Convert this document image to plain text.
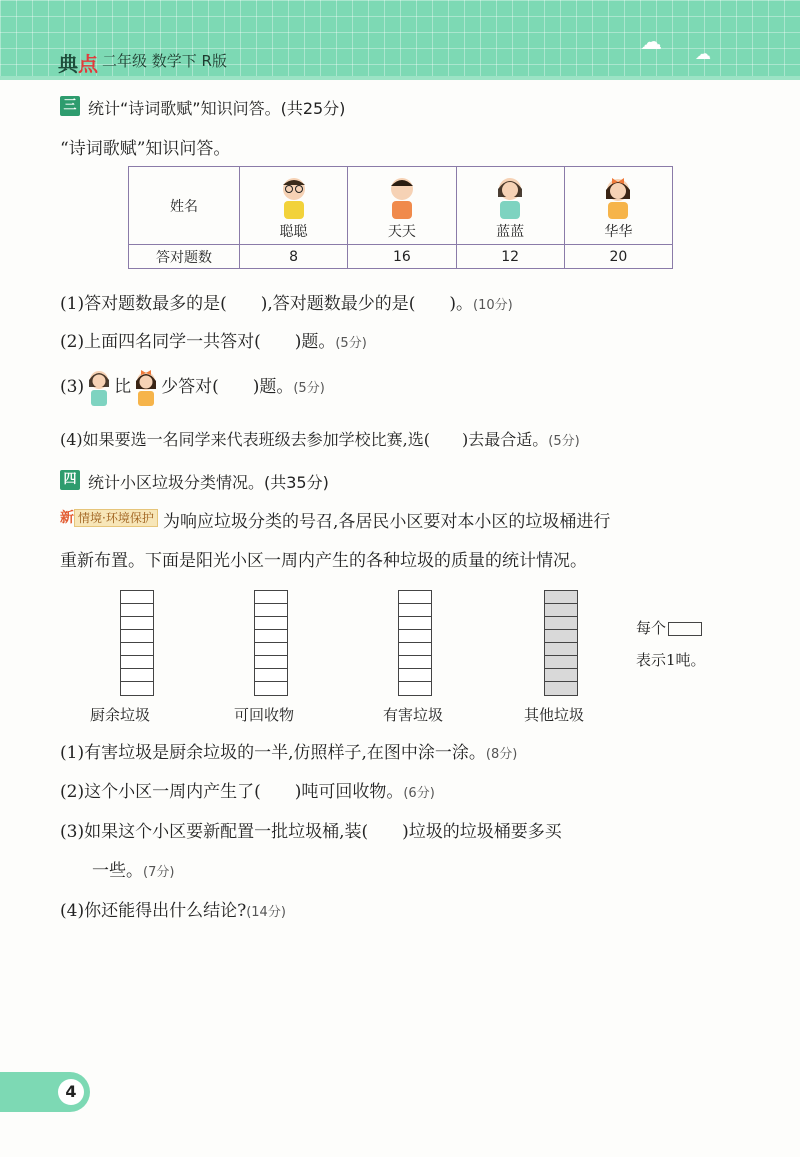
典点 二年级 数学下 R版
☁ ☁
三 统计“诗词歌赋”知识问答。(共25分)
“诗词歌赋”知识问答。
姓名	聪聪	天天	蓝蓝	华华

答对题数	8	16	12	20
(1)答对题数最多的是(　　),答对题数最少的是(　　)。(10分)
(2)上面四名同学一共答对(　　)题。(5分)
(3) 比 少答对(　　)题。(5分)
(4)如果要选一名同学来代表班级去参加学校比赛,选(　　)去最合适。(5分)
四 统计小区垃圾分类情况。(共35分)
新 情境·环境保护 为响应垃圾分类的号召,各居民小区要对本小区的垃圾桶进行
重新布置。下面是阳光小区一周内产生的各种垃圾的质量的统计情况。
厨余垃圾	可回收物	有害垃圾	其他垃圾
每个
表示1吨。
(1)有害垃圾是厨余垃圾的一半,仿照样子,在图中涂一涂。(8分)
(2)这个小区一周内产生了(　　)吨可回收物。(6分)
(3)如果这个小区要新配置一批垃圾桶,装(　　)垃圾的垃圾桶要多买
一些。(7分)
(4)你还能得出什么结论?(14分)
4
